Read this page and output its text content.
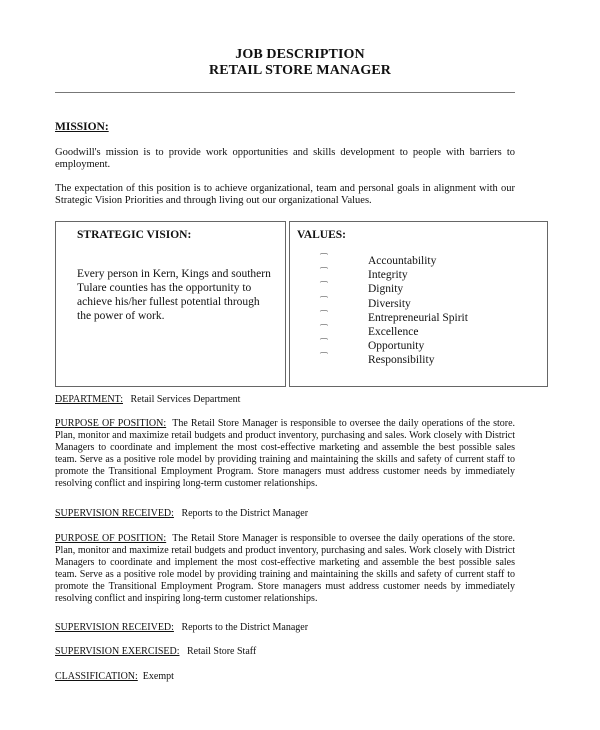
JOB DESCRIPTION
RETAIL STORE MANAGER
MISSION:
Goodwill's mission is to provide work opportunities and skills development to people with barriers to employment.
The expectation of this position is to achieve organizational, team and personal goals in alignment with our Strategic Vision Priorities and through living out our organizational Values.
STRATEGIC VISION:
Every person in Kern, Kings and southern Tulare counties has the opportunity to achieve his/her fullest potential through the power of work.
VALUES:
⁀	Accountability
⁀	Integrity
⁀	Dignity
⁀	Diversity
⁀	Entrepreneurial Spirit
⁀	Excellence
⁀	Opportunity
⁀	Responsibility
DEPARTMENT: Retail Services Department
PURPOSE OF POSITION: The Retail Store Manager is responsible to oversee the daily operations of the store. Plan, monitor and maximize retail budgets and product inventory, purchasing and sales. Work closely with District Managers to coordinate and implement the most cost-effective marketing and assemble the best possible sales team. Serve as a positive role model by providing training and maintaining the skills and safety of current staff to promote the Transitional Employment Program. Store managers must address customer needs by immediately resolving conflict and inspiring long-term customer relationships.
SUPERVISION RECEIVED: Reports to the District Manager
PURPOSE OF POSITION: The Retail Store Manager is responsible to oversee the daily operations of the store. Plan, monitor and maximize retail budgets and product inventory, purchasing and sales. Work closely with District Managers to coordinate and implement the most cost-effective marketing and assemble the best possible sales team. Serve as a positive role model by providing training and maintaining the skills and safety of current staff to promote the Transitional Employment Program. Store managers must address customer needs by immediately resolving conflict and inspiring long-term customer relationships.
SUPERVISION RECEIVED: Reports to the District Manager
SUPERVISION EXERCISED: Retail Store Staff
CLASSIFICATION: Exempt
